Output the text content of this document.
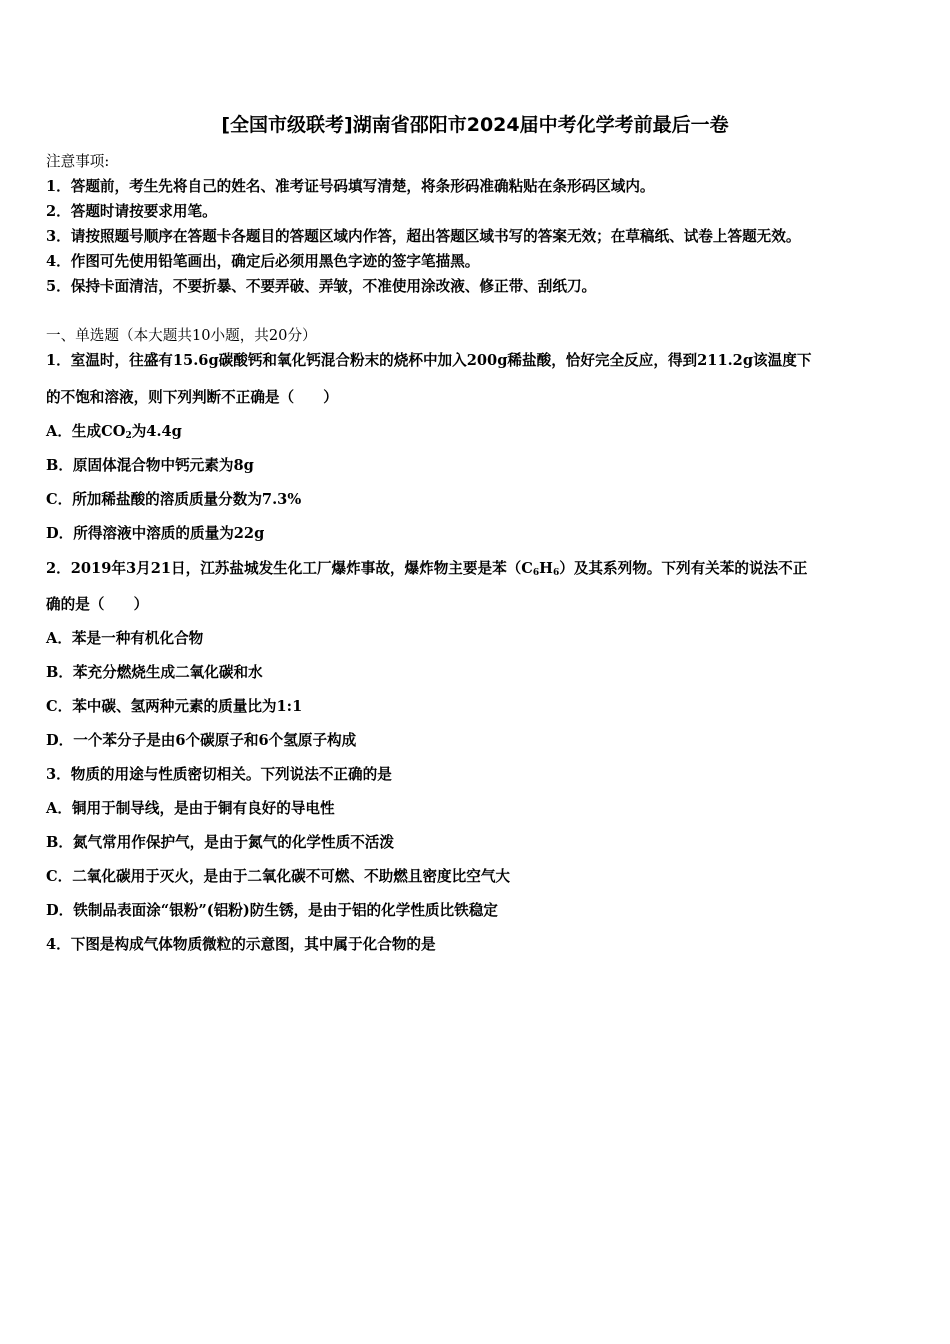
[全国市级联考]湖南省邵阳市2024届中考化学考前最后一卷
注意事项:
1．答题前，考生先将自己的姓名、准考证号码填写清楚，将条形码准确粘贴在条形码区域内。
2．答题时请按要求用笔。
3．请按照题号顺序在答题卡各题目的答题区域内作答，超出答题区域书写的答案无效；在草稿纸、试卷上答题无效。
4．作图可先使用铅笔画出，确定后必须用黑色字迹的签字笔描黑。
5．保持卡面清洁，不要折暴、不要弄破、弄皱，不准使用涂改液、修正带、刮纸刀。
一、单选题（本大题共10小题，共20分）
1．室温时，往盛有15.6g碳酸钙和氧化钙混合粉末的烧杯中加入200g稀盐酸，恰好完全反应，得到211.2g该温度下
的不饱和溶液，则下列判断不正确是（　　）
A．生成$CO_2$为4.4g
B．原固体混合物中钙元素为8g
C．所加稀盐酸的溶质质量分数为7.3%
D．所得溶液中溶质的质量为22g
2．2019年3月21日，江苏盐城发生化工厂爆炸事故，爆炸物主要是苯$(C_6H_6)$及其系列物。下列有关苯的说法不正
确的是（　　）
A．苯是一种有机化合物
B．苯充分燃烧生成二氧化碳和水
C．苯中碳、氢两种元素的质量比为1:1
D．一个苯分子是由6个碳原子和6个氢原子构成
3．物质的用途与性质密切相关。下列说法不正确的是
A．铜用于制导线，是由于铜有良好的导电性
B．氮气常用作保护气，是由于氮气的化学性质不活泼
C．二氧化碳用于灭火，是由于二氧化碳不可燃、不助燃且密度比空气大
D．铁制品表面涂“银粉”(铝粉)防生锈，是由于铝的化学性质比铁稳定
4．下图是构成气体物质微粒的示意图，其中属于化合物的是
